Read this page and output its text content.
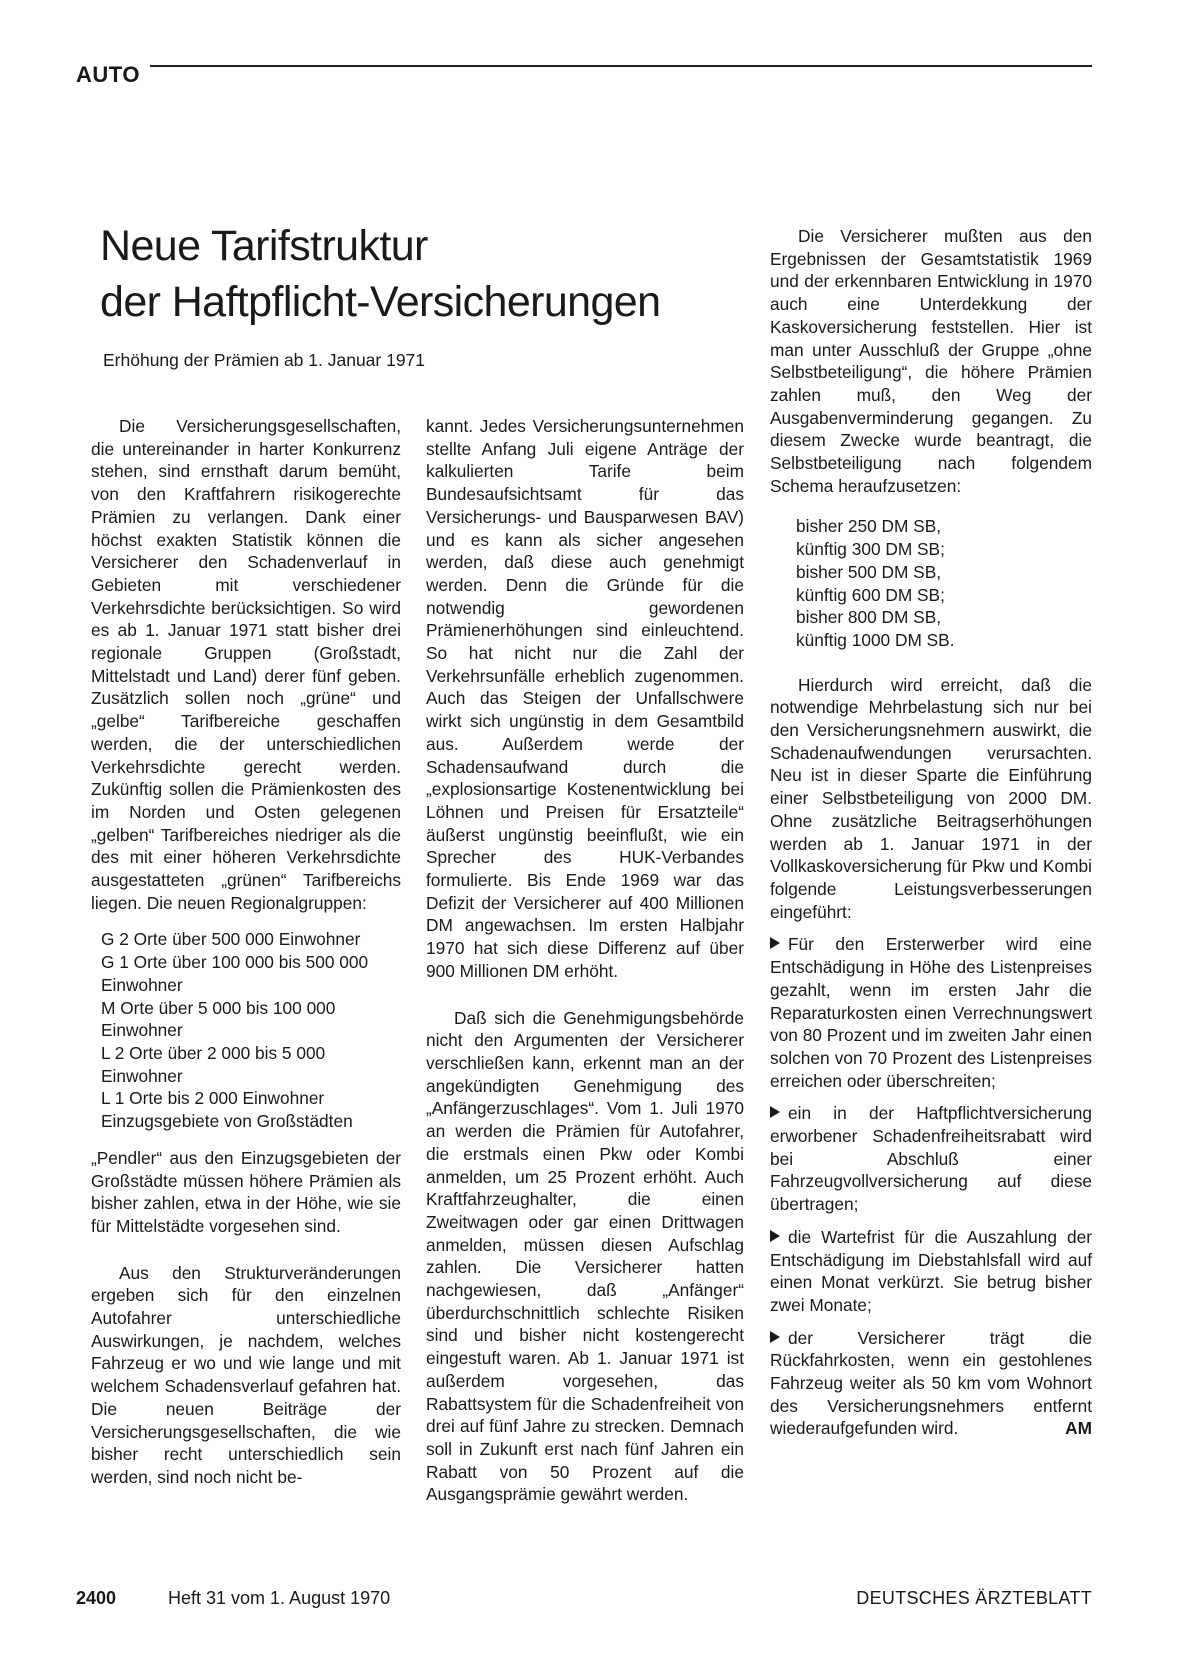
AUTO
Neue Tarifstruktur
der Haftpflicht-Versicherungen

Erhöhung der Prämien ab 1. Januar 1971

Die Versicherungsgesellschaften, die untereinander in harter Konkurrenz stehen, sind ernsthaft darum bemüht, von den Kraftfahrern risikogerechte Prämien zu verlangen. Dank einer höchst exakten Statistik können die Versicherer den Schadenverlauf in Gebieten mit verschiedener Verkehrsdichte berücksichtigen. So wird es ab 1. Januar 1971 statt bisher drei regionale Gruppen (Großstadt, Mittelstadt und Land) derer fünf geben. Zusätzlich sollen noch „grüne“ und „gelbe“ Tarifbereiche geschaffen werden, die der unterschiedlichen Verkehrsdichte gerecht werden. Zukünftig sollen die Prämienkosten des im Norden und Osten gelegenen „gelben“ Tarifbereiches niedriger als die des mit einer höheren Verkehrsdichte ausgestatteten „grünen“ Tarifbereichs liegen. Die neuen Regionalgruppen:

G 2 Orte über 500 000 Einwohner
G 1 Orte über 100 000 bis 500 000 Einwohner
M Orte über 5 000 bis 100 000 Einwohner
L 2 Orte über 2 000 bis 5 000 Einwohner
L 1 Orte bis 2 000 Einwohner
Einzugsgebiete von Großstädten

„Pendler“ aus den Einzugsgebieten der Großstädte müssen höhere Prämien als bisher zahlen, etwa in der Höhe, wie sie für Mittelstädte vorgesehen sind.

Aus den Strukturveränderungen ergeben sich für den einzelnen Autofahrer unterschiedliche Auswirkungen, je nachdem, welches Fahrzeug er wo und wie lange und mit welchem Schadensverlauf gefahren hat. Die neuen Beiträge der Versicherungsgesellschaften, die wie bisher recht unterschiedlich sein werden, sind noch nicht be-

kannt. Jedes Versicherungsunternehmen stellte Anfang Juli eigene Anträge der kalkulierten Tarife beim Bundesaufsichtsamt für das Versicherungs- und Bausparwesen BAV) und es kann als sicher angesehen werden, daß diese auch genehmigt werden. Denn die Gründe für die notwendig gewordenen Prämienerhöhungen sind einleuchtend. So hat nicht nur die Zahl der Verkehrsunfälle erheblich zugenommen. Auch das Steigen der Unfallschwere wirkt sich ungünstig in dem Gesamtbild aus. Außerdem werde der Schadensaufwand durch die „explosionsartige Kostenentwicklung bei Löhnen und Preisen für Ersatzteile“ äußerst ungünstig beeinflußt, wie ein Sprecher des HUK-Verbandes formulierte. Bis Ende 1969 war das Defizit der Versicherer auf 400 Millionen DM angewachsen. Im ersten Halbjahr 1970 hat sich diese Differenz auf über 900 Millionen DM erhöht.

Daß sich die Genehmigungsbehörde nicht den Argumenten der Versicherer verschließen kann, erkennt man an der angekündigten Genehmigung des „Anfängerzuschlages“. Vom 1. Juli 1970 an werden die Prämien für Autofahrer, die erstmals einen Pkw oder Kombi anmelden, um 25 Prozent erhöht. Auch Kraftfahrzeughalter, die einen Zweitwagen oder gar einen Drittwagen anmelden, müssen diesen Aufschlag zahlen. Die Versicherer hatten nachgewiesen, daß „Anfänger“ überdurchschnittlich schlechte Risiken sind und bisher nicht kostengerecht eingestuft waren. Ab 1. Januar 1971 ist außerdem vorgesehen, das Rabattsystem für die Schadenfreiheit von drei auf fünf Jahre zu strecken. Demnach soll in Zukunft erst nach fünf Jahren ein Rabatt von 50 Prozent auf die Ausgangsprämie gewährt werden.

Die Versicherer mußten aus den Ergebnissen der Gesamtstatistik 1969 und der erkennbaren Entwicklung in 1970 auch eine Unterdekkung der Kaskoversicherung feststellen. Hier ist man unter Ausschluß der Gruppe „ohne Selbstbeteiligung“, die höhere Prämien zahlen muß, den Weg der Ausgabenverminderung gegangen. Zu diesem Zwecke wurde beantragt, die Selbstbeteiligung nach folgendem Schema heraufzusetzen:

bisher 250 DM SB,
künftig 300 DM SB;
bisher 500 DM SB,
künftig 600 DM SB;
bisher 800 DM SB,
künftig 1000 DM SB.

Hierdurch wird erreicht, daß die notwendige Mehrbelastung sich nur bei den Versicherungsnehmern auswirkt, die Schadenaufwendungen verursachten. Neu ist in dieser Sparte die Einführung einer Selbstbeteiligung von 2000 DM. Ohne zusätzliche Beitragserhöhungen werden ab 1. Januar 1971 in der Vollkaskoversicherung für Pkw und Kombi folgende Leistungsverbesserungen eingeführt:

Für den Ersterwerber wird eine Entschädigung in Höhe des Listenpreises gezahlt, wenn im ersten Jahr die Reparaturkosten einen Verrechnungswert von 80 Prozent und im zweiten Jahr einen solchen von 70 Prozent des Listenpreises erreichen oder überschreiten;

ein in der Haftpflichtversicherung erworbener Schadenfreiheitsrabatt wird bei Abschluß einer Fahrzeugvollversicherung auf diese übertragen;

die Wartefrist für die Auszahlung der Entschädigung im Diebstahlsfall wird auf einen Monat verkürzt. Sie betrug bisher zwei Monate;

der Versicherer trägt die Rückfahrkosten, wenn ein gestohlenes Fahrzeug weiter als 50 km vom Wohnort des Versicherungsnehmers entfernt wiederaufgefunden wird.	AM

2400	Heft 31 vom 1. August 1970	DEUTSCHES ÄRZTEBLATT
